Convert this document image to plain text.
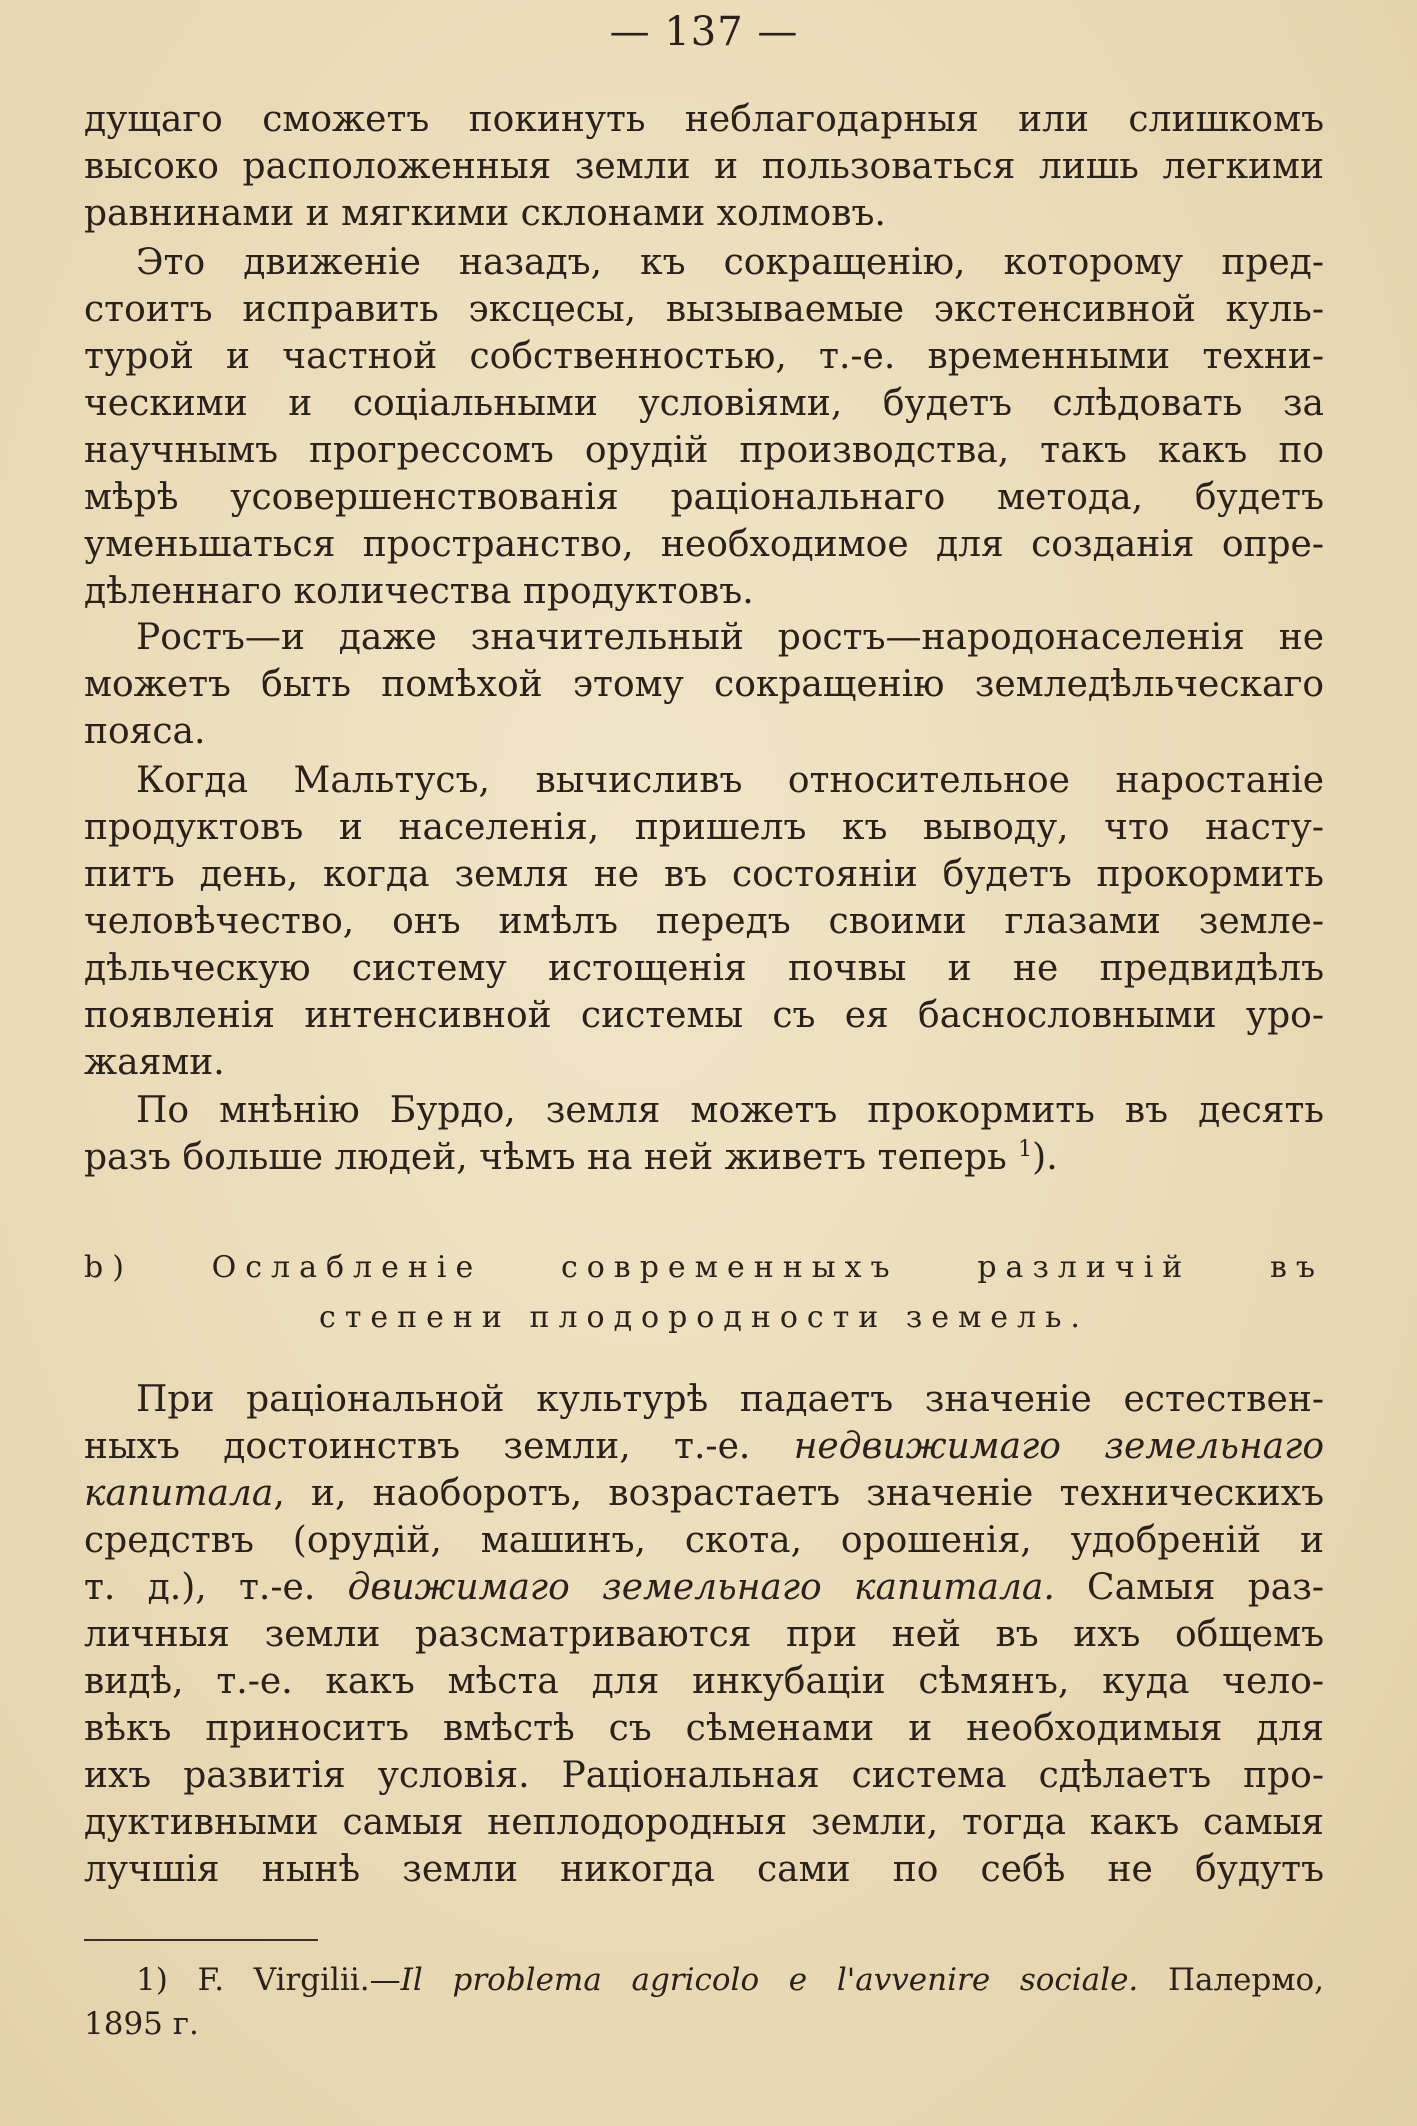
— 137 —
дущаго сможетъ покинуть неблагодарныя или слишкомъ
высоко расположенныя земли и пользоваться лишь легкими
равнинами и мягкими склонами холмовъ.
Это движеніе назадъ, къ сокращенію, которому пред-
стоитъ исправить эксцесы, вызываемые экстенсивной куль-
турой и частной собственностью, т.-е. временными техни-
ческими и соціальными условіями, будетъ слѣдовать за
научнымъ прогрессомъ орудій производства, такъ какъ по
мѣрѣ усовершенствованія раціональнаго метода, будетъ
уменьшаться пространство, необходимое для созданія опре-
дѣленнаго количества продуктовъ.
Ростъ—и даже значительный ростъ—народонаселенія не
можетъ быть помѣхой этому сокращенію земледѣльческаго
пояса.
Когда Мальтусъ, вычисливъ относительное наростаніе
продуктовъ и населенія, пришелъ къ выводу, что насту-
питъ день, когда земля не въ состояніи будетъ прокормить
человѣчество, онъ имѣлъ передъ своими глазами земле-
дѣльческую систему истощенія почвы и не предвидѣлъ
появленія интенсивной системы съ ея баснословными уро-
жаями.
По мнѣнію Бурдо, земля можетъ прокормить въ десять
разъ больше людей, чѣмъ на ней живетъ теперь $^1$).
b) Ослабленіе современныхъ различій въ
степени плодородности земель.
При раціональной культурѣ падаетъ значеніе естествен-
ныхъ достоинствъ земли, т.-е. недвижимаго земельнаго
капитала, и, наоборотъ, возрастаетъ значеніе техническихъ
средствъ (орудій, машинъ, скота, орошенія, удобреній и
т. д.), т.-е. движимаго земельнаго капитала. Самыя раз-
личныя земли разсматриваются при ней въ ихъ общемъ
видѣ, т.-е. какъ мѣста для инкубаціи сѣмянъ, куда чело-
вѣкъ приноситъ вмѣстѣ съ сѣменами и необходимыя для
ихъ развитія условія. Раціональная система сдѣлаетъ про-
дуктивными самыя неплодородныя земли, тогда какъ самыя
лучшія нынѣ земли никогда сами по себѣ не будутъ
1) F. Virgilii.—Il problema agricolo e l'avvenire sociale. Палермо,
1895 г.
